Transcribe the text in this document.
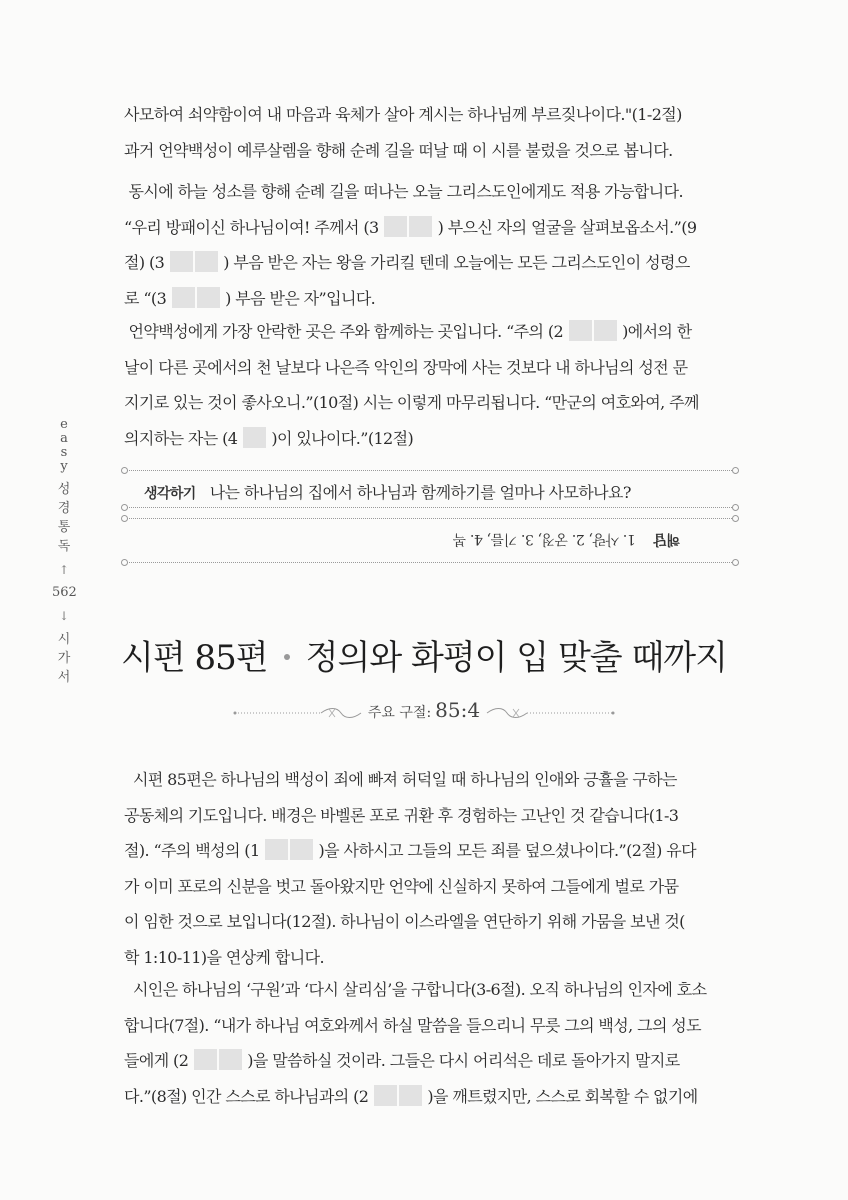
사모하여 쇠약함이여 내 마음과 육체가 살아 계시는 하나님께 부르짖나이다."(1-2절)
과거 언약백성이 예루살렘을 향해 순례 길을 떠날 때 이 시를 불렀을 것으로 봅니다.
동시에 하늘 성소를 향해 순례 길을 떠나는 오늘 그리스도인에게도 적용 가능합니다.
“우리 방패이신 하나님이여! 주께서 (3	) 부으신 자의 얼굴을 살펴보옵소서.”(9
절) (3	) 부음 받은 자는 왕을 가리킬 텐데 오늘에는 모든 그리스도인이 성령으
로 “(3	) 부음 받은 자”입니다.
언약백성에게 가장 안락한 곳은 주와 함께하는 곳입니다. “주의 (2	)에서의 한
날이 다른 곳에서의 천 날보다 나은즉 악인의 장막에 사는 것보다 내 하나님의 성전 문
지기로 있는 것이 좋사오니.”(10절) 시는 이렇게 마무리됩니다. “만군의 여호와여, 주께
의지하는 자는 (4 )이 있나이다.”(12절)
e
a
s
y
성
경
통
독
↑
562
↓
시
가
서
생각하기 나는 하나님의 집에서 하나님과 함께하기를 얼마나 사모하나요?
해답1. 사랑, 2. 궁정, 3. 기름, 4. 복
시편 85편 정의와 화평이 입 맞출 때까지
주요 구절: 85:4
시편 85편은 하나님의 백성이 죄에 빠져 허덕일 때 하나님의 인애와 긍휼을 구하는
공동체의 기도입니다. 배경은 바벨론 포로 귀환 후 경험하는 고난인 것 같습니다(1-3
절). “주의 백성의 (1	)을 사하시고 그들의 모든 죄를 덮으셨나이다.”(2절) 유다
가 이미 포로의 신분을 벗고 돌아왔지만 언약에 신실하지 못하여 그들에게 벌로 가뭄
이 임한 것으로 보입니다(12절). 하나님이 이스라엘을 연단하기 위해 가뭄을 보낸 것(
학 1:10-11)을 연상케 합니다.
시인은 하나님의 ‘구원’과 ‘다시 살리심’을 구합니다(3-6절). 오직 하나님의 인자에 호소
합니다(7절). “내가 하나님 여호와께서 하실 말씀을 들으리니 무릇 그의 백성, 그의 성도
들에게 (2	)을 말씀하실 것이라. 그들은 다시 어리석은 데로 돌아가지 말지로
다.”(8절) 인간 스스로 하나님과의 (2	)을 깨트렸지만, 스스로 회복할 수 없기에
